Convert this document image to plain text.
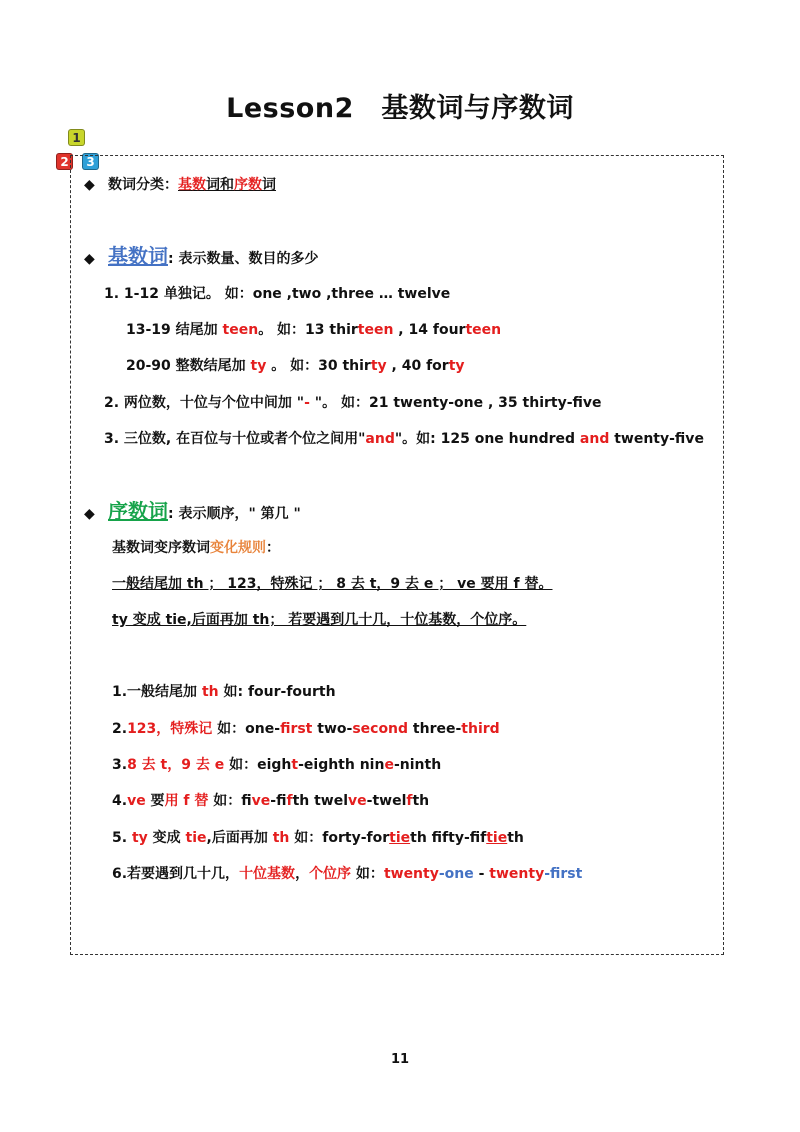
Lesson2　基数词与序数词
1
2	3
◆ 数词分类：基数词和序数词
◆ 基数词: 表示数量、数目的多少
1. 1-12 单独记。 如：one ,two ,three … twelve
13-19 结尾加 teen。 如：13 thirteen , 14 fourteen
20-90 整数结尾加 ty 。 如：30 thirty , 40 forty
2. 两位数，十位与个位中间加 "- "。 如：21 twenty-one , 35 thirty-five
3. 三位数, 在百位与十位或者个位之间用"and"。如: 125 one hundred and twenty-five
◆ 序数词: 表示顺序，" 第几 "
基数词变序数词变化规则：
一般结尾加 th ； 123，特殊记 ； 8 去 t，9 去 e ； ve 要用 f 替。
ty 变成 tie,后面再加 th； 若要遇到几十几，十位基数，个位序。
1.一般结尾加 th 如: four-fourth
2.123，特殊记 如：one-first two-second three-third
3.8 去 t，9 去 e 如：eight-eighth nine-ninth
4.ve 要用 f 替 如：five-fifth twelve-twelfth
5. ty 变成 tie,后面再加 th 如：forty-fortieth fifty-fiftieth
6.若要遇到几十几，十位基数，个位序 如：twenty-one - twenty-first
11
